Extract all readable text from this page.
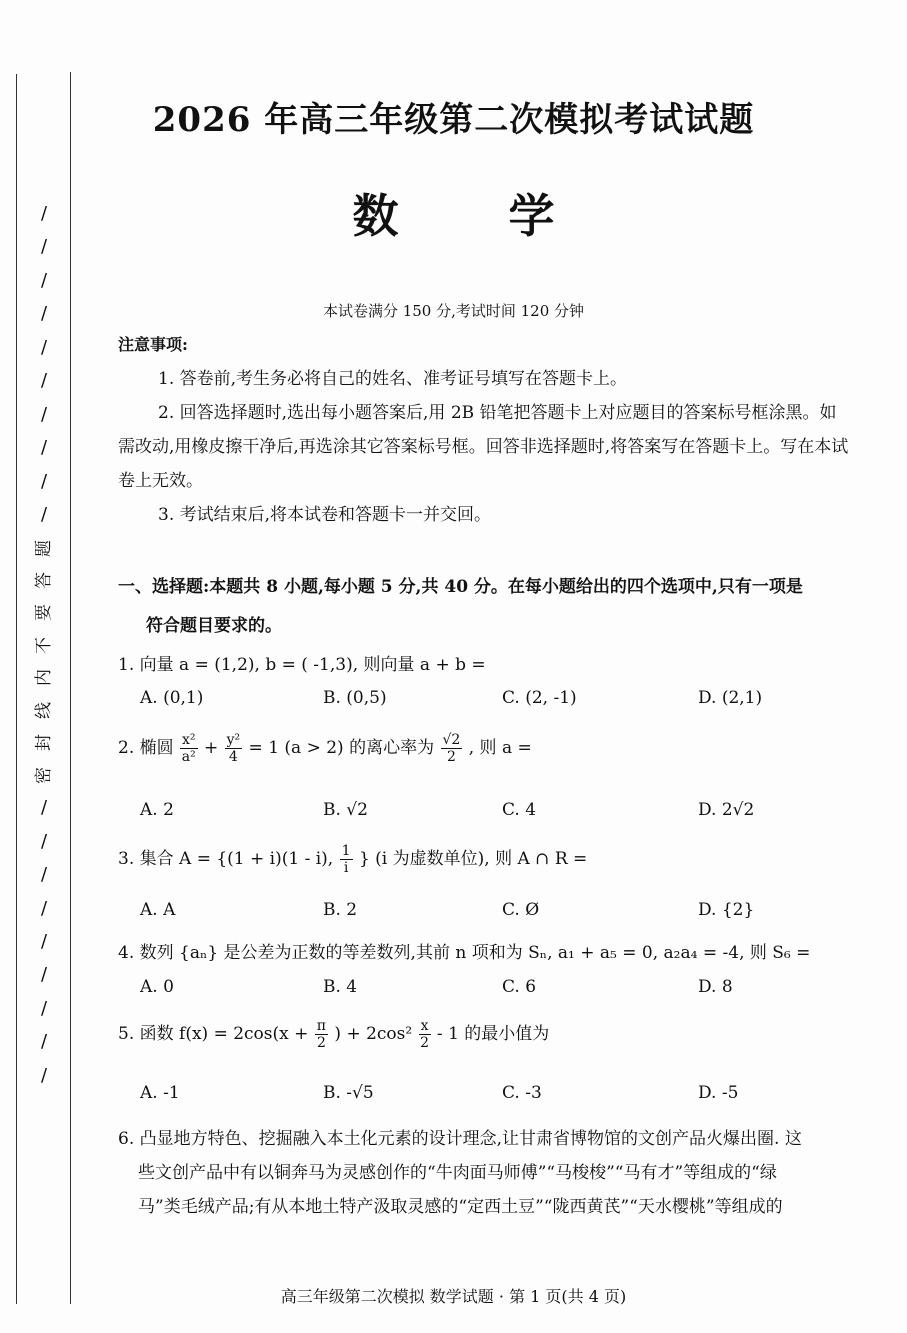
/
/
/
/
/
/
/
/
/
/
题
答
要
不
内
线
封
密
/
/
/
/
/
/
/
/
/
2026 年高三年级第二次模拟考试试题
数学
本试卷满分 150 分,考试时间 120 分钟
注意事项:
1. 答卷前,考生务必将自己的姓名、准考证号填写在答题卡上。
2. 回答选择题时,选出每小题答案后,用 2B 铅笔把答题卡上对应题目的答案标号框涂黑。如需改动,用橡皮擦干净后,再选涂其它答案标号框。回答非选择题时,将答案写在答题卡上。写在本试卷上无效。
3. 考试结束后,将本试卷和答题卡一并交回。
一、选择题:本题共 8 小题,每小题 5 分,共 40 分。在每小题给出的四个选项中,只有一项是
符合题目要求的。
1. 向量 a = (1,2), b = ( -1,3), 则向量 a + b =
A. (0,1)	B. (0,5)	C. (2, -1)	D. (2,1)
2. 椭圆 $\frac{\text{x²}}{\text{a²}} + \frac{\text{y²}}{4} = 1$ (a > 2) 的离心率为 $\frac{√2}{2}$ , 则 a =
A. 2	B. √2	C. 4	D. 2√2
3. 集合 A = {(1 + i)(1 - i), $\frac{1}{i}$ } (i 为虚数单位), 则 A ∩ R =
A. A	B. 2	C. Ø	D. {2}
4. 数列 {aₙ} 是公差为正数的等差数列,其前 n 项和为 Sₙ, a₁ + a₅ = 0, a₂a₄ = -4, 则 S₆ =
A. 0	B. 4	C. 6	D. 8
5. 函数 $f(x) = 2\cos(x + \frac{\pi}{2}$ ) + $2\cos^2 \frac{x}{2} - 1$ 的最小值为
A. -1	B. -√5	C. -3	D. -5
6. 凸显地方特色、挖掘融入本土化元素的设计理念,让甘肃省博物馆的文创产品火爆出圈. 这
些文创产品中有以铜奔马为灵感创作的“牛肉面马师傅”“马梭梭”“马有才”等组成的“绿
马”类毛绒产品;有从本地土特产汲取灵感的“定西土豆”“陇西黄芪”“天水樱桃”等组成的
高三年级第二次模拟 数学试题 · 第 1 页(共 4 页)
